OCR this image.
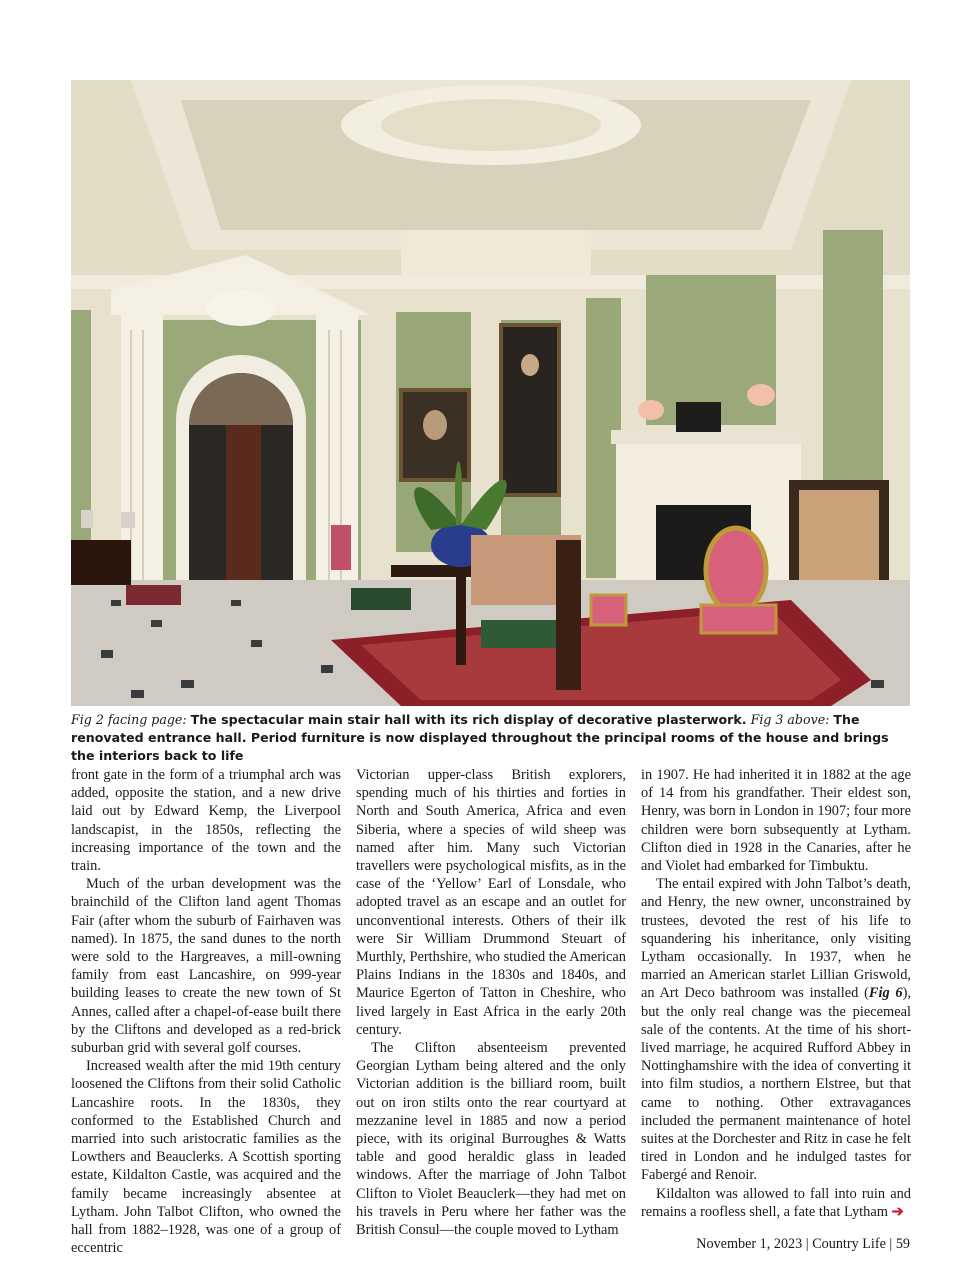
Fig 2 facing page: The spectacular main stair hall with its rich display of decorative plasterwork. Fig 3 above: The renovated entrance hall. Period furniture is now displayed throughout the principal rooms of the house and brings the interiors back to life

front gate in the form of a triumphal arch was added, opposite the station, and a new drive laid out by Edward Kemp, the Liverpool landscapist, in the 1850s, reflecting the increasing importance of the town and the train.

Much of the urban development was the brainchild of the Clifton land agent Thomas Fair (after whom the suburb of Fairhaven was named). In 1875, the sand dunes to the north were sold to the Hargreaves, a mill-owning family from east Lancashire, on 999-year building leases to create the new town of St Annes, called after a chapel-of-ease built there by the Cliftons and developed as a red-brick suburban grid with several golf courses.

Increased wealth after the mid 19th century loosened the Cliftons from their solid Catholic Lancashire roots. In the 1830s, they conformed to the Established Church and married into such aristocratic families as the Lowthers and Beauclerks. A Scottish sporting estate, Kildalton Castle, was acquired and the family became increasingly absentee at Lytham. John Talbot Clifton, who owned the hall from 1882–1928, was one of a group of eccentric

Victorian upper-class British explorers, spending much of his thirties and forties in North and South America, Africa and even Siberia, where a species of wild sheep was named after him. Many such Victorian travellers were psychological misfits, as in the case of the ‘Yellow’ Earl of Lonsdale, who adopted travel as an escape and an outlet for unconventional interests. Others of their ilk were Sir William Drummond Steuart of Murthly, Perthshire, who studied the American Plains Indians in the 1830s and 1840s, and Maurice Egerton of Tatton in Cheshire, who lived largely in East Africa in the early 20th century.

The Clifton absenteeism prevented Georgian Lytham being altered and the only Victorian addition is the billiard room, built out on iron stilts onto the rear courtyard at mezzanine level in 1885 and now a period piece, with its original Burroughes & Watts table and good heraldic glass in leaded windows. After the marriage of John Talbot Clifton to Violet Beauclerk—they had met on his travels in Peru where her father was the British Consul—the couple moved to Lytham

in 1907. He had inherited it in 1882 at the age of 14 from his grandfather. Their eldest son, Henry, was born in London in 1907; four more children were born subsequently at Lytham. Clifton died in 1928 in the Canaries, after he and Violet had embarked for Timbuktu.

The entail expired with John Talbot’s death, and Henry, the new owner, unconstrained by trustees, devoted the rest of his life to squandering his inheritance, only visiting Lytham occasionally. In 1937, when he married an American starlet Lillian Griswold, an Art Deco bathroom was installed (Fig 6), but the only real change was the piecemeal sale of the contents. At the time of his short-lived marriage, he acquired Rufford Abbey in Nottinghamshire with the idea of converting it into film studios, a northern Elstree, but that came to nothing. Other extravagances included the permanent maintenance of hotel suites at the Dorchester and Ritz in case he felt tired in London and he indulged tastes for Fabergé and Renoir.

Kildalton was allowed to fall into ruin and remains a roofless shell, a fate that Lytham ➔

November 1, 2023 | Country Life | 59
